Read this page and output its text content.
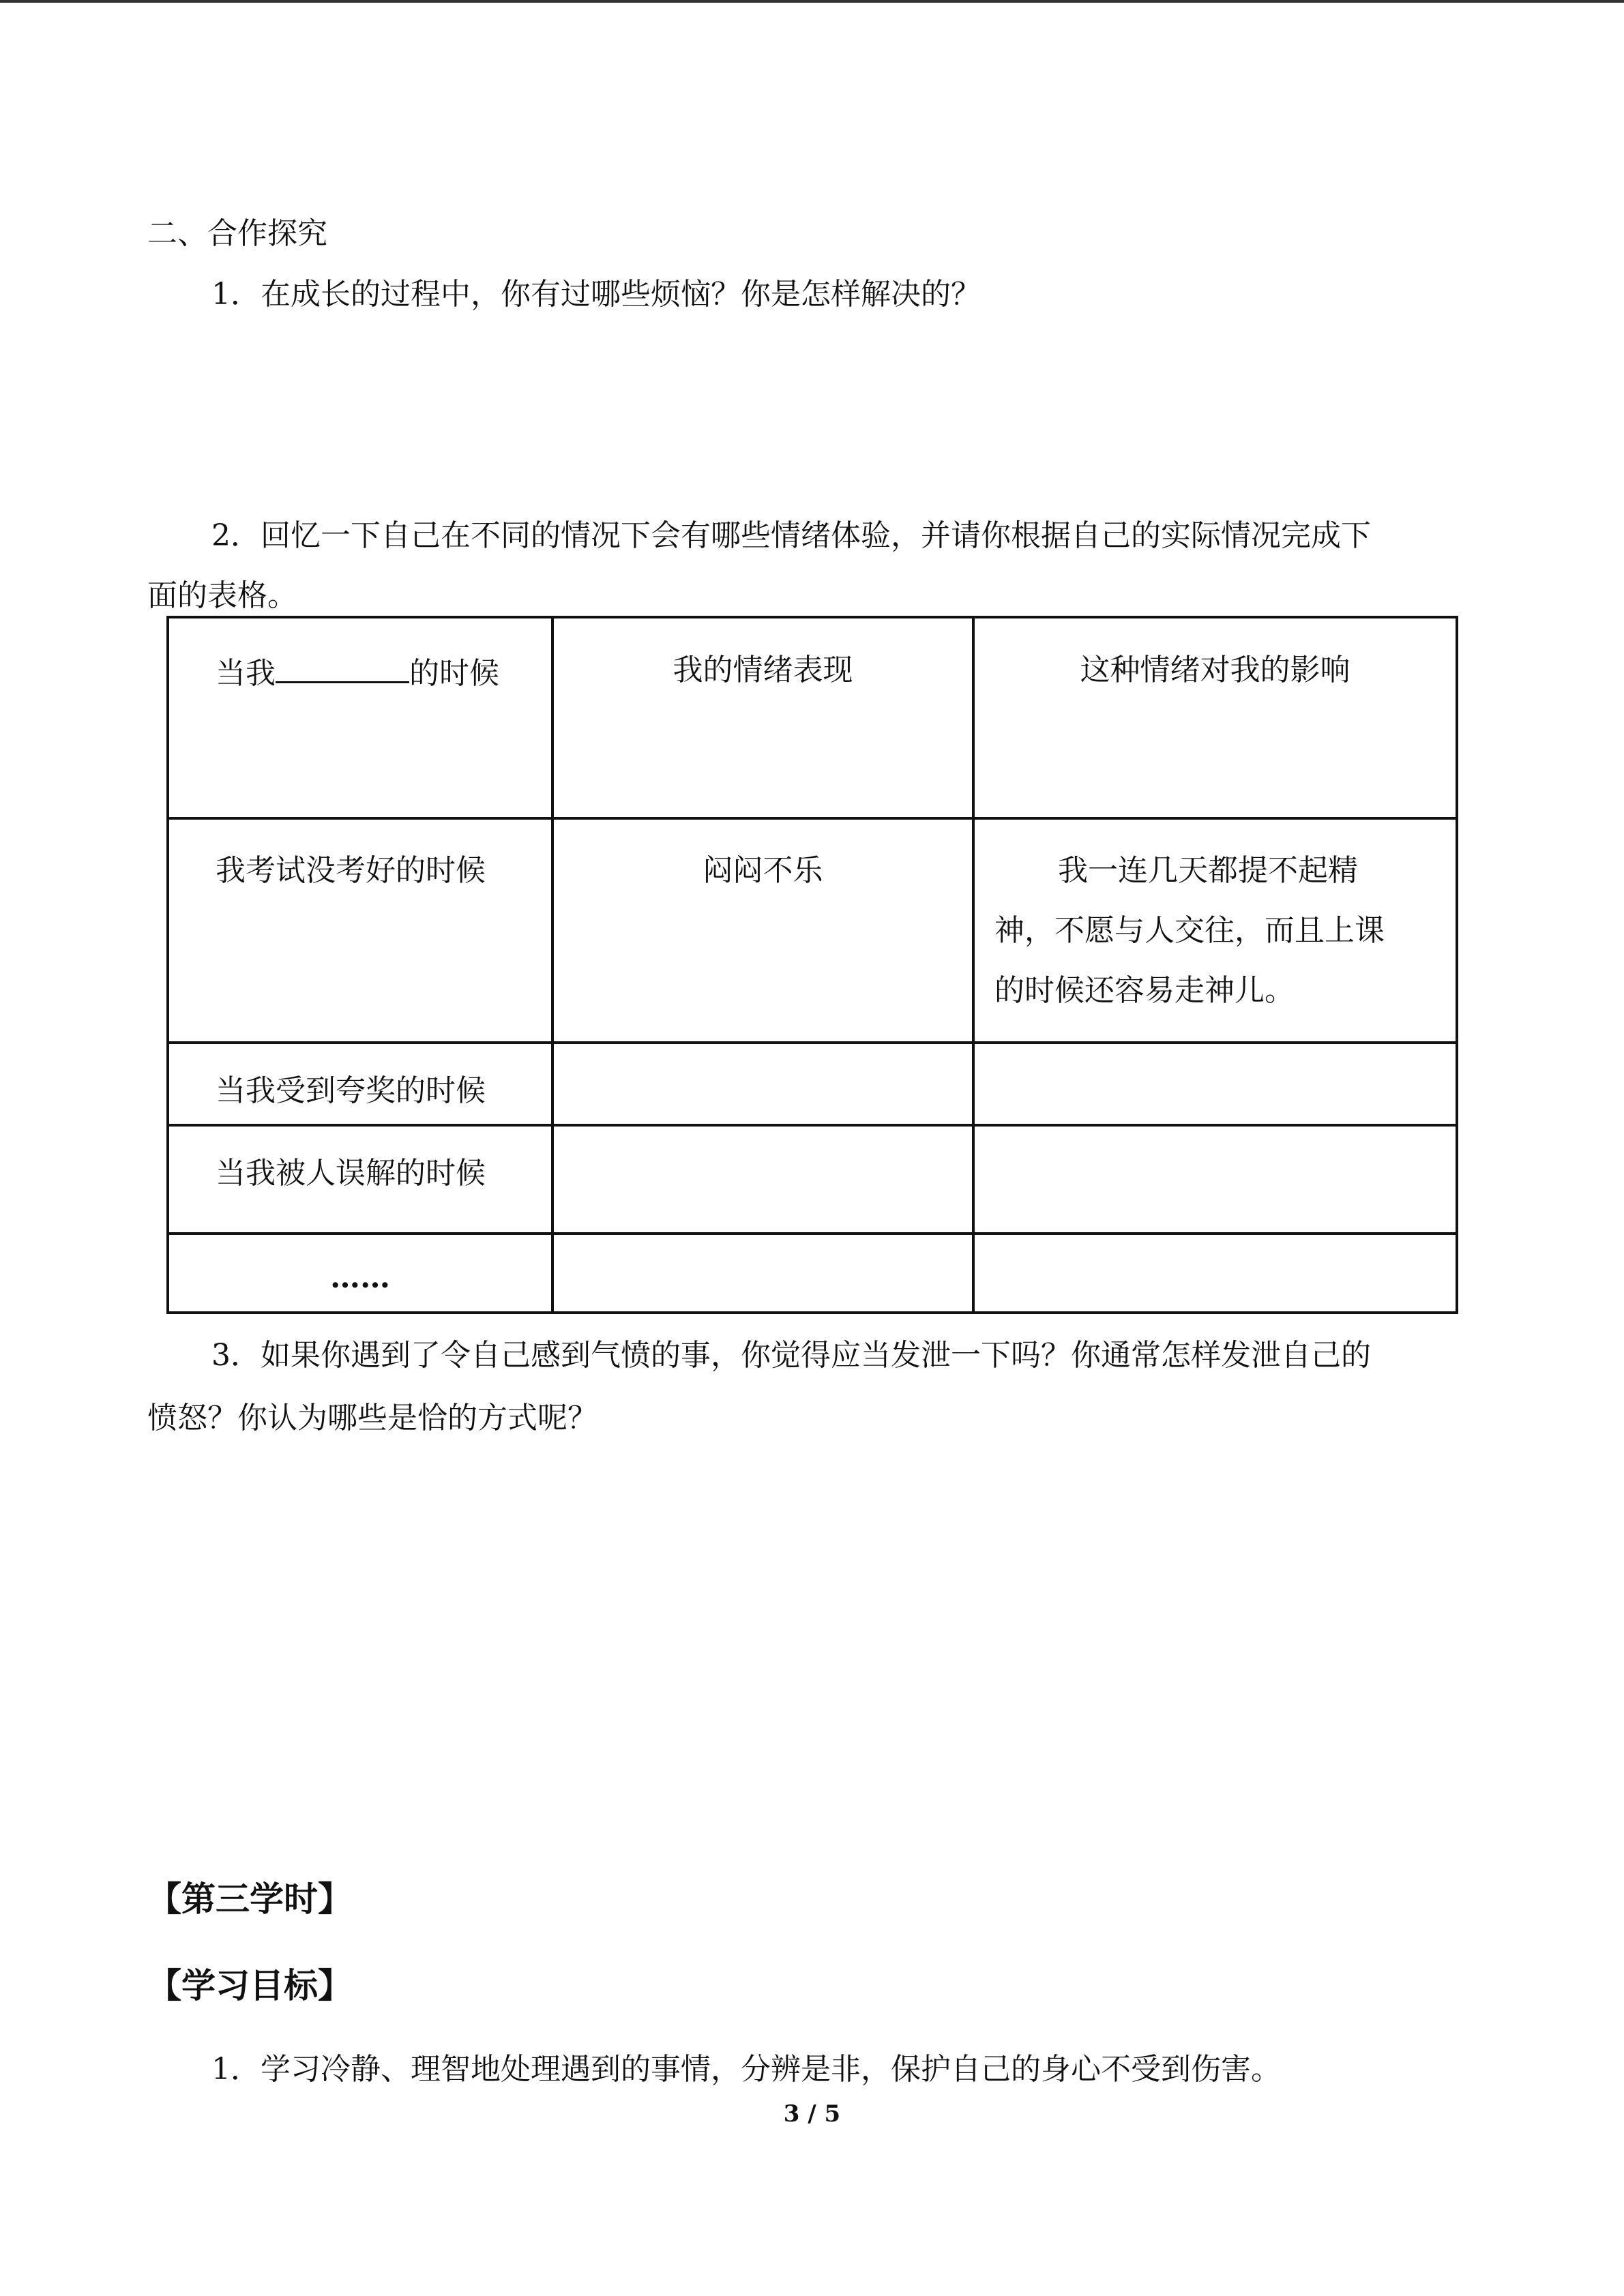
二、合作探究
1．在成长的过程中，你有过哪些烦恼？你是怎样解决的？
2．回忆一下自己在不同的情况下会有哪些情绪体验，并请你根据自己的实际情况完成下
面的表格。
当我	的时候	我的情绪表现	这种情绪对我的影响
我考试没考好的时候	闷闷不乐	我一连几天都提不起精
神，不愿与人交往，而且上课
的时候还容易走神儿。
当我受到夸奖的时候
当我被人误解的时候
……
3．如果你遇到了令自己感到气愤的事，你觉得应当发泄一下吗？你通常怎样发泄自己的
愤怒？你认为哪些是恰的方式呢？
【第三学时】
【学习目标】
1．学习冷静、理智地处理遇到的事情，分辨是非，保护自己的身心不受到伤害。
3 / 5
